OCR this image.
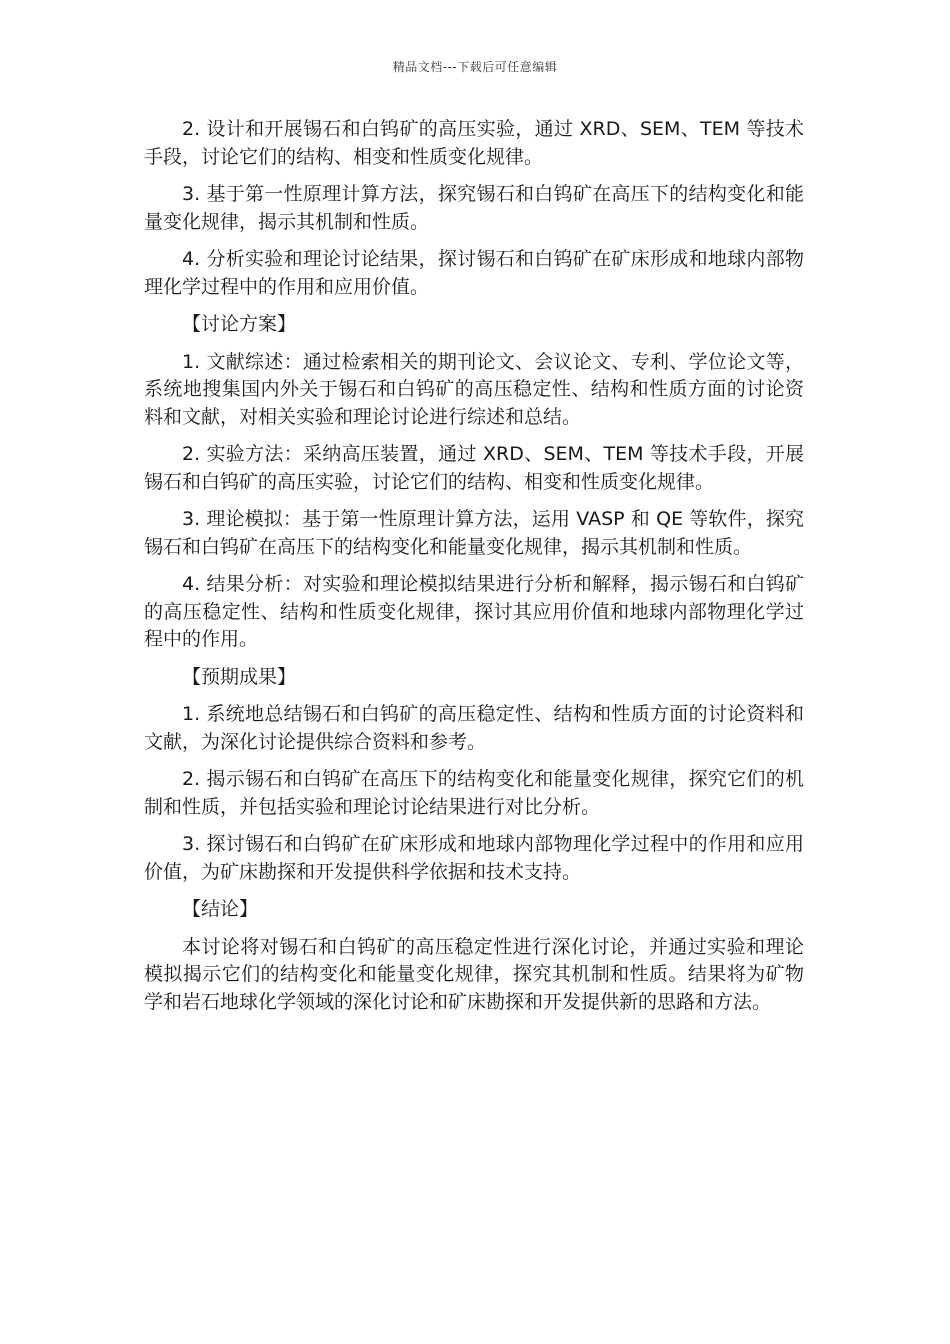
精品文档---下载后可任意编辑

2. 设计和开展锡石和白钨矿的高压实验，通过 XRD、SEM、TEM 等技术手段，讨论它们的结构、相变和性质变化规律。

3. 基于第一性原理计算方法，探究锡石和白钨矿在高压下的结构变化和能量变化规律，揭示其机制和性质。

4. 分析实验和理论讨论结果，探讨锡石和白钨矿在矿床形成和地球内部物理化学过程中的作用和应用价值。

【讨论方案】

1. 文献综述：通过检索相关的期刊论文、会议论文、专利、学位论文等，系统地搜集国内外关于锡石和白钨矿的高压稳定性、结构和性质方面的讨论资料和文献，对相关实验和理论讨论进行综述和总结。

2. 实验方法：采纳高压装置，通过 XRD、SEM、TEM 等技术手段，开展锡石和白钨矿的高压实验，讨论它们的结构、相变和性质变化规律。

3. 理论模拟：基于第一性原理计算方法，运用 VASP 和 QE 等软件，探究锡石和白钨矿在高压下的结构变化和能量变化规律，揭示其机制和性质。

4. 结果分析：对实验和理论模拟结果进行分析和解释，揭示锡石和白钨矿的高压稳定性、结构和性质变化规律，探讨其应用价值和地球内部物理化学过程中的作用。

【预期成果】

1. 系统地总结锡石和白钨矿的高压稳定性、结构和性质方面的讨论资料和文献，为深化讨论提供综合资料和参考。

2. 揭示锡石和白钨矿在高压下的结构变化和能量变化规律，探究它们的机制和性质，并包括实验和理论讨论结果进行对比分析。

3. 探讨锡石和白钨矿在矿床形成和地球内部物理化学过程中的作用和应用价值，为矿床勘探和开发提供科学依据和技术支持。

【结论】

本讨论将对锡石和白钨矿的高压稳定性进行深化讨论，并通过实验和理论模拟揭示它们的结构变化和能量变化规律，探究其机制和性质。结果将为矿物学和岩石地球化学领域的深化讨论和矿床勘探和开发提供新的思路和方法。
